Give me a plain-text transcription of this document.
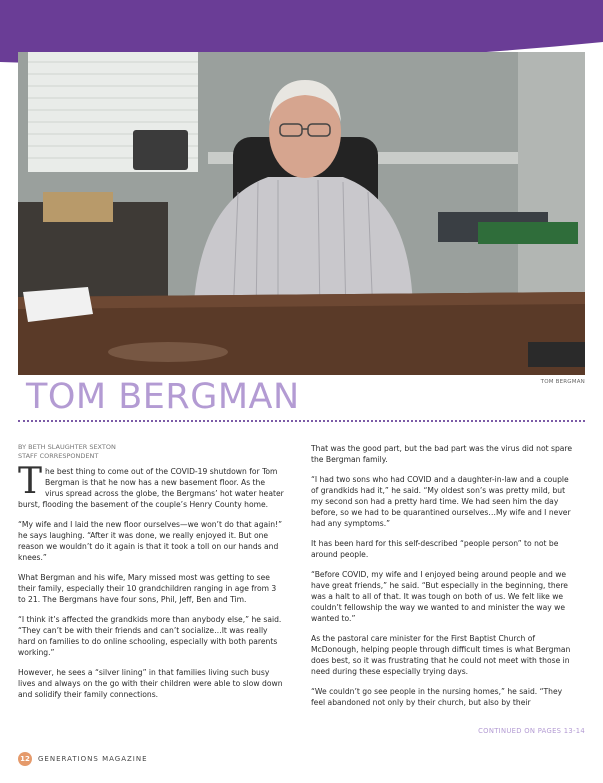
TOM BERGMAN
TOM BERGMAN
BY BETH SLAUGHTER SEXTON
STAFF CORRESPONDENT

The best thing to come out of the COVID-19 shutdown for Tom Bergman is that he now has a new basement floor. As the virus spread across the globe, the Bergmans’ hot water heater burst, flooding the basement of the couple’s Henry County home.

“My wife and I laid the new floor ourselves—we won’t do that again!” he says laughing. “After it was done, we really enjoyed it. But one reason we wouldn’t do it again is that it took a toll on our hands and knees.”

What Bergman and his wife, Mary missed most was getting to see their family, especially their 10 grandchildren ranging in age from 3 to 21. The Bergmans have four sons, Phil, Jeff, Ben and Tim.

“I think it’s affected the grandkids more than anybody else,” he said. “They can’t be with their friends and can’t socialize…It was really hard on families to do online schooling, especially with both parents working.”

However, he sees a “silver lining” in that families living such busy lives and always on the go with their children were able to slow down and solidify their family connections.

That was the good part, but the bad part was the virus did not spare the Bergman family.

“I had two sons who had COVID and a daughter-in-law and a couple of grandkids had it,” he said. “My oldest son’s was pretty mild, but my second son had a pretty hard time. We had seen him the day before, so we had to be quarantined ourselves…My wife and I never had any symptoms.”

It has been hard for this self-described “people person” to not be around people.

“Before COVID, my wife and I enjoyed being around people and we have great friends,” he said. “But especially in the beginning, there was a halt to all of that. It was tough on both of us. We felt like we couldn’t fellowship the way we wanted to and minister the way we wanted to.”

As the pastoral care minister for the First Baptist Church of McDonough, helping people through difficult times is what Bergman does best, so it was frustrating that he could not meet with those in need during these especially trying days.

“We couldn’t go see people in the nursing homes,” he said. “They feel abandoned not only by their church, but also by their

CONTINUED ON PAGES 13-14
12	GENERATIONS MAGAZINE
